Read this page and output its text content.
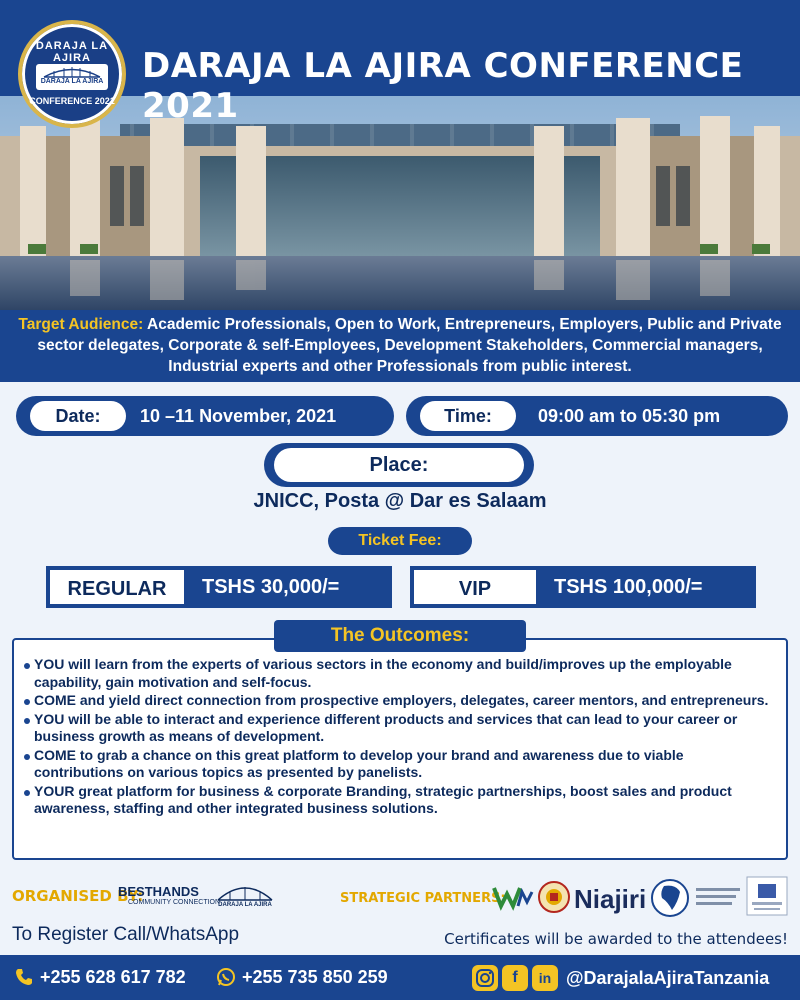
DARAJA LA AJIRA
DARAJA LA AJIRA
CONFERENCE 2021
DARAJA LA AJIRA CONFERENCE 2021
Target Audience: Academic Professionals, Open to Work, Entrepreneurs, Employers, Public and Private sector delegates, Corporate & self-Employees, Development Stakeholders, Commercial managers, Industrial experts and other Professionals from public interest.
Date:	10 –11 November, 2021	Time:	09:00 am to 05:30 pm
Place:
JNICC, Posta @ Dar es Salaam
Ticket Fee:
REGULAR	TSHS 30,000/=	VIP	TSHS 100,000/=
The Outcomes:
YOU will learn from the experts of various sectors in the economy and build/improves up the employable capability, gain motivation and self-focus.
COME and yield direct connection from prospective employers, delegates, career mentors, and entrepreneurs.
YOU will be able to interact and experience different products and services that can lead to your career or business growth as means of development.
COME to grab a chance on this great platform to develop your brand and awareness due to viable contributions on various topics as presented by panelists.
YOUR great platform for business & corporate Branding, strategic partnerships, boost sales and product awareness, staffing and other integrated business solutions.
ORGANISED BY:
BESTHANDS
COMMUNITY CONNECTION
DARAJA LA AJIRA	STRATEGIC PARTNERS:	Niajiri
To Register Call/WhatsApp	Certificates will be awarded to the attendees!
+255 628 617 782	+255 735 850 259	f	in @DarajalaAjiraTanzania
